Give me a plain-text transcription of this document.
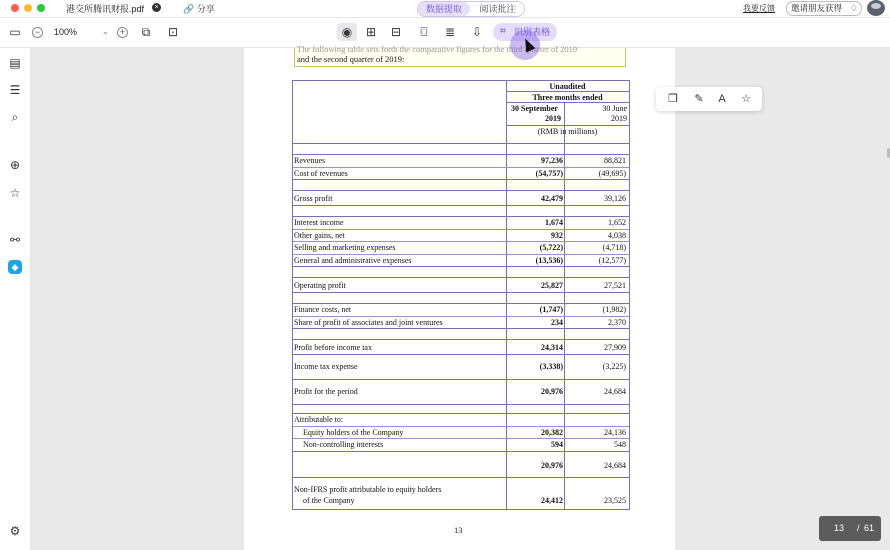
港交所腾讯财报.pdf	×	🔗 分享	数据提取	阅读批注	我要反馈	邀请朋友获得 ♢
▭	−	100%	⌄	+ ⧉ ⊡	◉	⊞ ⊟ ⌼ ≣ ⇩ ⌗ 识别表格
▤
☰
⌕
⊕
☆
⚯
◆
⚙
The following table sets forth the comparative figures for the third quarter of 2019
and the second quarter of 2019:
Unaudited
Three months ended
30 September
2019
30 June
2019
(RMB in millions)
Revenues	97,236	88,821
Cost of revenues	(54,757)	(49,695)
Gross profit	42,479	39,126
Interest income	1,674	1,652
Other gains, net	932	4,038
Selling and marketing expenses	(5,722)	(4,718)
General and administrative expenses	(13,536)	(12,577)
Operating profit	25,827	27,521
Finance costs, net	(1,747)	(1,982)
Share of profit of associates and joint ventures	234	2,370
Profit before income tax	24,314	27,909
Income tax expense	(3,338)	(3,225)
Profit for the period	20,976	24,684
Attributable to:
Equity holders of the Company	20,382	24,136
Non-controlling interests	594	548
20,976	24,684
Non-IFRS profit attributable to equity holders
of the Company	24,412	23,525
13
❐ ✎	A	☆
13 / 61
